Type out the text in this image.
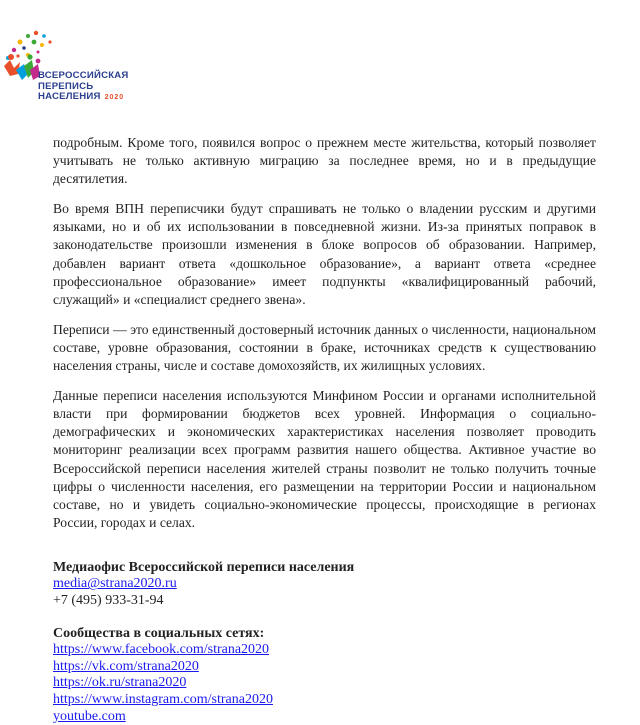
ВСЕРОССИЙСКАЯ
ПЕРЕПИСЬ
НАСЕЛЕНИЯ 2020

подробным. Кроме того, появился вопрос о прежнем месте жительства, который позволяет учитывать не только активную миграцию за последнее время, но и в предыдущие десятилетия.

Во время ВПН переписчики будут спрашивать не только о владении русским и другими языками, но и об их использовании в повседневной жизни. Из-за принятых поправок в законодательстве произошли изменения в блоке вопросов об образовании. Например, добавлен вариант ответа «дошкольное образование», а вариант ответа «среднее профессиональное образование» имеет подпункты «квалифицированный рабочий, служащий» и «специалист среднего звена».

Переписи — это единственный достоверный источник данных о численности, национальном составе, уровне образования, состоянии в браке, источниках средств к существованию населения страны, числе и составе домохозяйств, их жилищных условиях.

Данные переписи населения используются Минфином России и органами исполнительной власти при формировании бюджетов всех уровней. Информация о социально-демографических и экономических характеристиках населения позволяет проводить мониторинг реализации всех программ развития нашего общества. Активное участие во Всероссийской переписи населения жителей страны позволит не только получить точные цифры о численности населения, его размещении на территории России и национальном составе, но и увидеть социально-экономические процессы, происходящие в регионах России, городах и селах.

Медиаофис Всероссийской переписи населения
media@strana2020.ru
+7 (495) 933-31-94
Сообщества в социальных сетях:
https://www.facebook.com/strana2020
https://vk.com/strana2020
https://ok.ru/strana2020
https://www.instagram.com/strana2020
youtube.com
